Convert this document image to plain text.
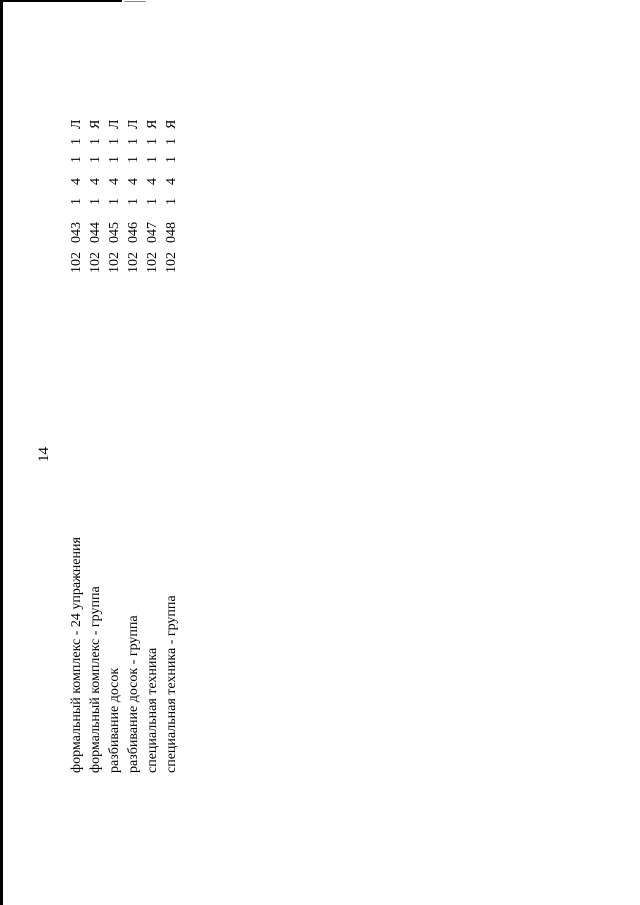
14
формальный комплекс - 24 упражнения
102
043
1
4
1
1
Л
формальный комплекс - группа
102
044
1
4
1
1
Я
разбивание досок
102
045
1
4
1
1
Л
разбивание досок - группа
102
046
1
4
1
1
Л
специальная техника
102
047
1
4
1
1
Я
специальная техника - группа
102
048
1
4
1
1
Я
